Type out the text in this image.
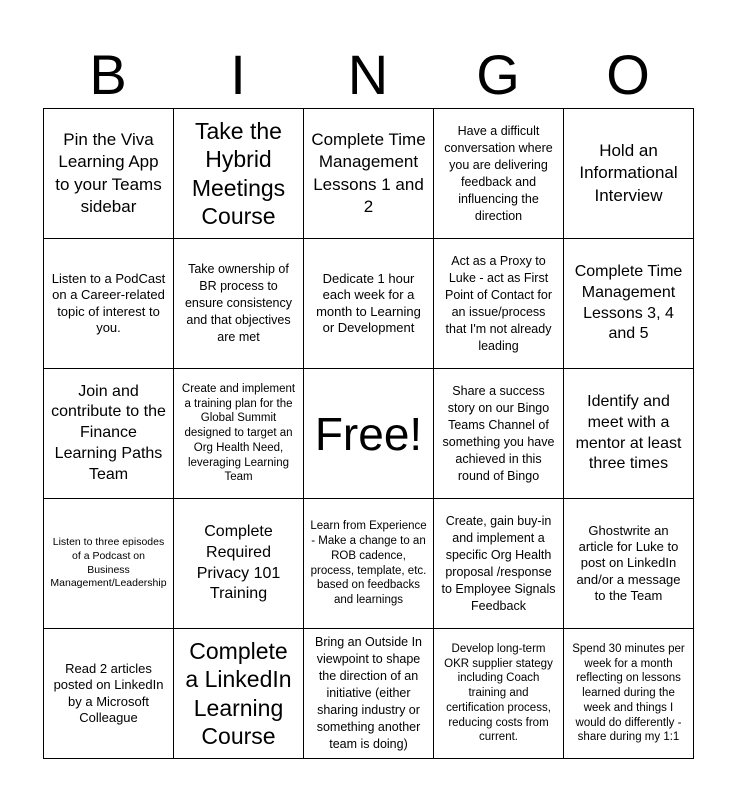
B	I	N	G	O
Pin the Viva Learning App to your Teams sidebar	Take the Hybrid Meetings Course	Complete Time Management Lessons 1 and 2	Have a difficult conversation where you are delivering feedback and influencing the direction	Hold an Informational Interview
Listen to a PodCast on a Career-related topic of interest to you.	Take ownership of BR process to ensure consistency and that objectives are met	Dedicate 1 hour each week for a month to Learning or Development	Act as a Proxy to Luke - act as First Point of Contact for an issue/process that I'm not already leading	Complete Time Management Lessons 3, 4 and 5
Join and contribute to the Finance Learning Paths Team	Create and implement a training plan for the Global Summit designed to target an Org Health Need, leveraging Learning Team	Free!	Share a success story on our Bingo Teams Channel of something you have achieved in this round of Bingo	Identify and meet with a mentor at least three times
Listen to three episodes of a Podcast on Business Management/Leadership	Complete Required Privacy 101 Training	Learn from Experience - Make a change to an ROB cadence, process, template, etc. based on feedbacks and learnings	Create, gain buy-in and implement a specific Org Health proposal /response to Employee Signals Feedback	Ghostwrite an article for Luke to post on LinkedIn and/or a message to the Team
Read 2 articles posted on LinkedIn by a Microsoft Colleague	Complete a LinkedIn Learning Course	Bring an Outside In viewpoint to shape the direction of an initiative (either sharing industry or something another team is doing)	Develop long-term OKR supplier stategy including Coach training and certification process, reducing costs from current.	Spend 30 minutes per week for a month reflecting on lessons learned during the week and things I would do differently - share during my 1:1
